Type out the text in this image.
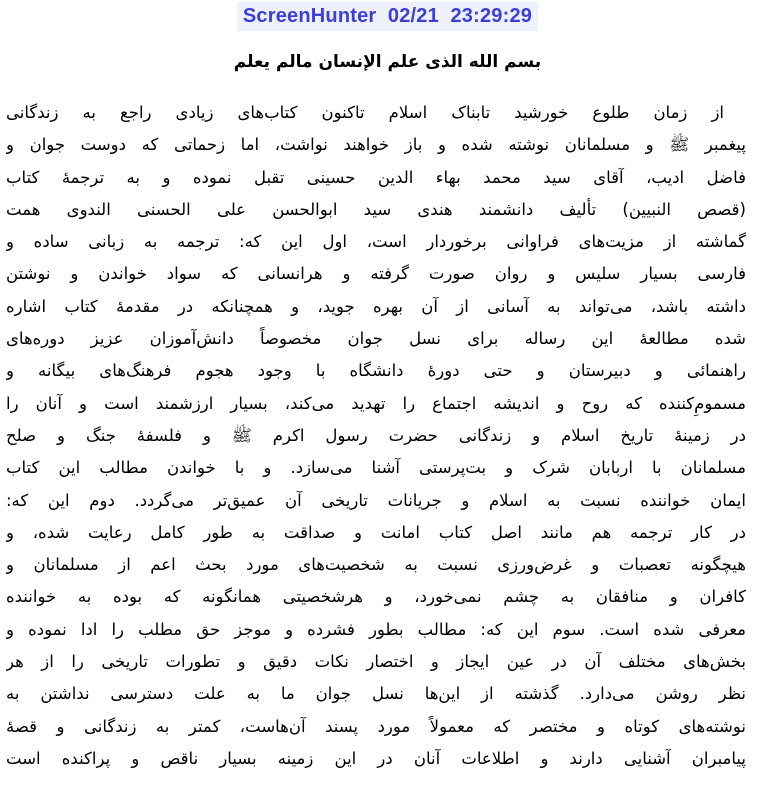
ScreenHunter  02/21  23:29:29
بسم الله الذی علم الإنسان مالم یعلم
از زمان طلوع خورشید تابناک اسلام تاکنون کتاب‌های زیادی راجع به زندگانی
پیغمبر ﷺ و مسلمانان نوشته شده و باز خواهند نواشت، اما زحماتی که دوست جوان و
فاضل ادیب، آقای سید محمد بهاء الدین حسینی تقبل نموده و به ترجمۀ کتاب
(قصص النبیین) تألیف دانشمند هندی سید ابوالحسن علی الحسنی الندوی همت
گماشته از مزیت‌های فراوانی برخوردار است، اول این که: ترجمه به زبانی ساده و
فارسی بسیار سلیس و روان صورت گرفته و هرانسانی که سواد خواندن و نوشتن
داشته باشد، می‌تواند به آسانی از آن بهره جوید، و همچنانکه در مقدمۀ کتاب اشاره
شده مطالعۀ این رساله برای نسل جوان مخصوصاً دانش‌آموزان عزیز دوره‌های
راهنمائی و دبیرستان و حتی دورۀ دانشگاه با وجود هجوم فرهنگ‌های بیگانه و
مسمومِ‌کننده که روح و اندیشه اجتماع را تهدید می‌کند، بسیار ارزشمند است و آنان را
در زمینۀ تاریخ اسلام و زندگانی حضرت رسول اکرم ﷺ و فلسفۀ جنگ و صلح
مسلمانان با اربابان شرک و بت‌پرستی آشنا می‌سازد. و با خواندن مطالب این کتاب
ایمان خواننده نسبت به اسلام و جریانات تاریخی آن عمیق‌تر می‌گردد. دوم این که:
در کار ترجمه هم مانند اصل کتاب امانت و صداقت به طور کامل رعایت شده، و
هیچگونه تعصبات و غرض‌ورزی نسبت به شخصیت‌های مورد بحث اعم از مسلمانان و
کافران و منافقان به چشم نمی‌خورد، و هرشخصیتی همانگونه که بوده به خواننده
معرفی شده است. سوم این که: مطالب بطور فشرده و موجز حق مطلب را ادا نموده و
بخش‌های مختلف آن در عین ایجاز و اختصار نکات دقیق و تطورات تاریخی را از هر
نظر روشن می‌دارد. گذشته از این‌ها نسل جوان ما به علت دسترسی نداشتن به
نوشته‌های کوتاه و مختصر که معمولاً مورد پسند آن‌هاست، کمتر به زندگانی و قصۀ
پیامبران آشنایی دارند و اطلاعات آنان در این زمینه بسیار ناقص و پراکنده است
